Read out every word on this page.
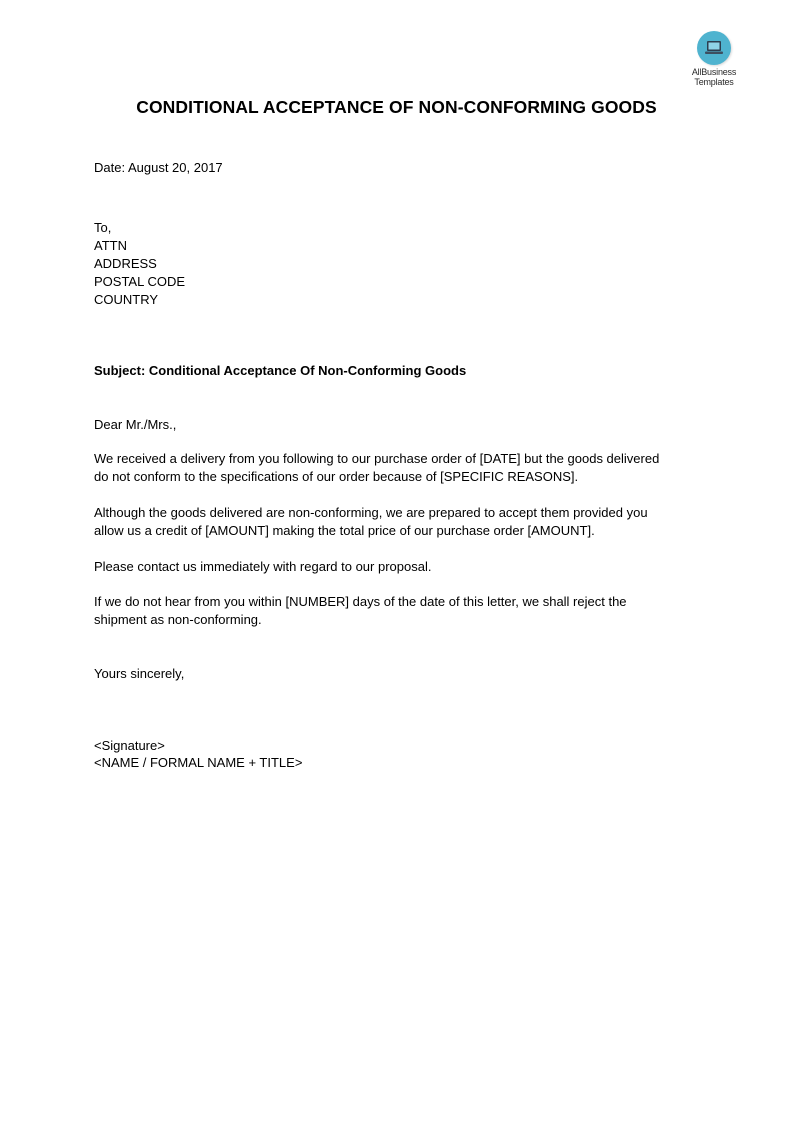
AllBusiness
Templates
CONDITIONAL ACCEPTANCE OF NON-CONFORMING GOODS
Date: August 20, 2017
To,
ATTN
ADDRESS
POSTAL CODE
COUNTRY
Subject: Conditional Acceptance Of Non-Conforming Goods
Dear Mr./Mrs.,
We received a delivery from you following to our purchase order of [DATE] but the goods delivered
do not conform to the specifications of our order because of [SPECIFIC REASONS].
Although the goods delivered are non-conforming, we are prepared to accept them provided you
allow us a credit of [AMOUNT] making the total price of our purchase order [AMOUNT].
Please contact us immediately with regard to our proposal.
If we do not hear from you within [NUMBER] days of the date of this letter, we shall reject the
shipment as non-conforming.
Yours sincerely,
<Signature>
<NAME / FORMAL NAME + TITLE>
